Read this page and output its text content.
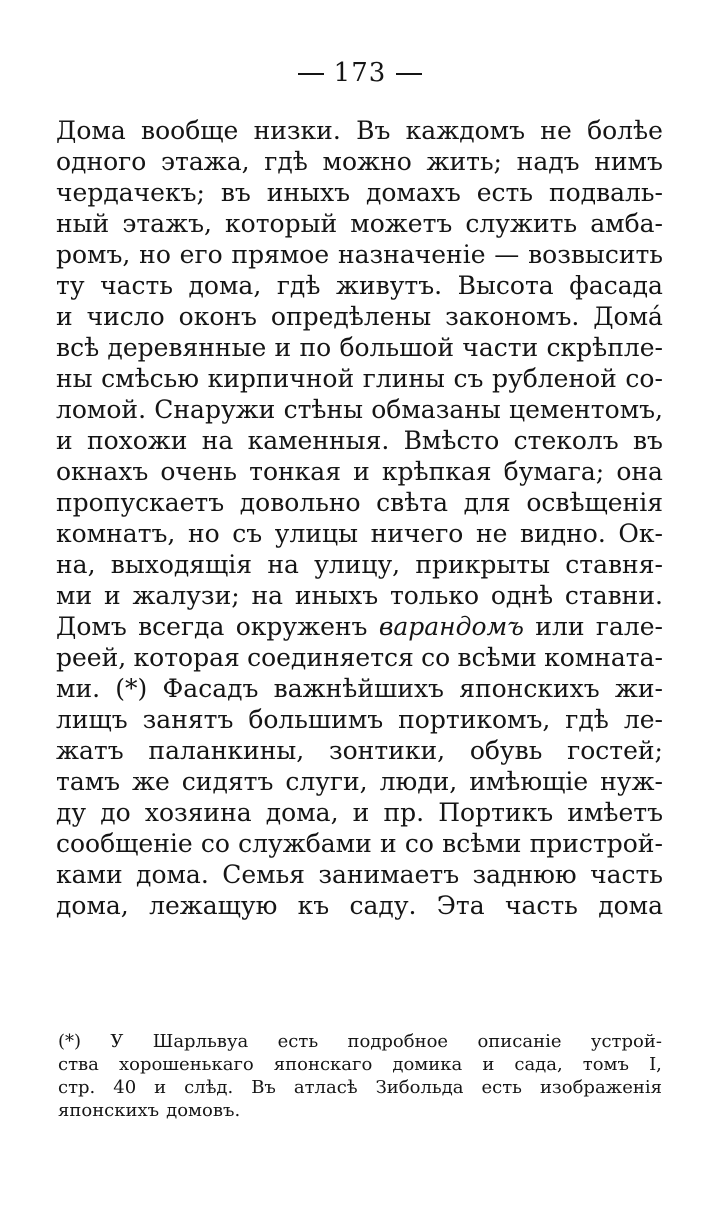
173
Дома вообще низки. Въ каждомъ не болѣе
одного этажа, гдѣ можно жить; надъ нимъ
чердачекъ; въ иныхъ домахъ есть подваль-
ный этажъ, который можетъ служить амба-
ромъ, но его прямое назначеніе — возвысить
ту часть дома, гдѣ живутъ. Высота фасада
и число оконъ опредѣлены закономъ. Домá
всѣ деревянные и по большой части скрѣпле-
ны смѣсью кирпичной глины съ рубленой со-
ломой. Снаружи стѣны обмазаны цементомъ,
и похожи на каменныя. Вмѣсто стеколъ въ
окнахъ очень тонкая и крѣпкая бумага; она
пропускаетъ довольно свѣта для освѣщенія
комнатъ, но съ улицы ничего не видно. Ок-
на, выходящія на улицу, прикрыты ставня-
ми и жалузи; на иныхъ только однѣ ставни.
Домъ всегда окруженъ варандомъ или гале-
реей, которая соединяется со всѣми комната-
ми. (*) Фасадъ важнѣйшихъ японскихъ жи-
лищъ занятъ большимъ портикомъ, гдѣ ле-
жатъ паланкины, зонтики, обувь гостей;
тамъ же сидятъ слуги, люди, имѣющіе нуж-
ду до хозяина дома, и пр. Портикъ имѣетъ
сообщеніе со службами и со всѣми пристрой-
ками дома. Семья занимаетъ заднюю часть
дома, лежащую къ саду. Эта часть дома
(*) У Шарльвуа есть подробное описаніе устрой-
ства хорошенькаго японскаго домика и сада, томъ I,
стр. 40 и слѣд. Въ атласѣ Зибольда есть изображенія
японскихъ домовъ.
